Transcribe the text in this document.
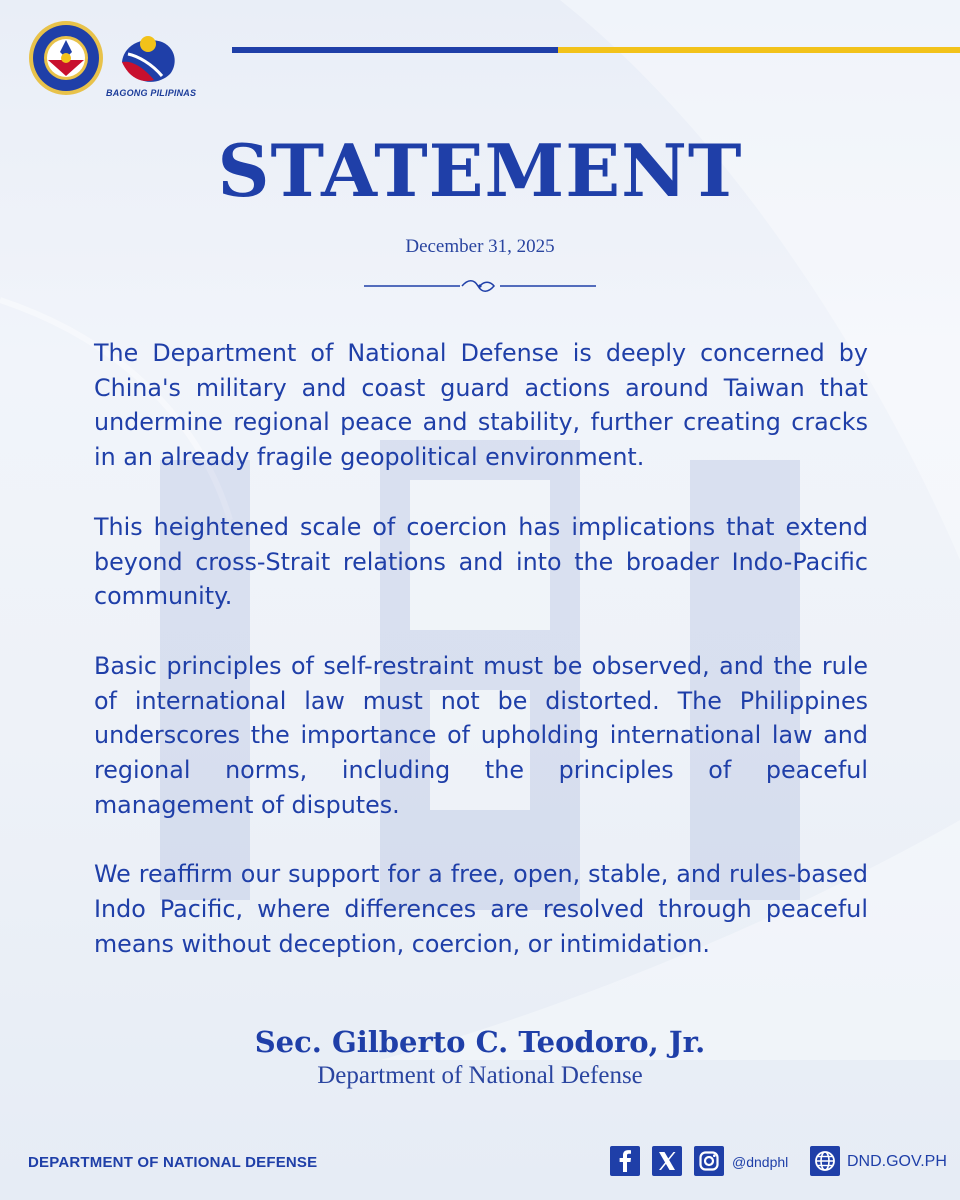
BAGONG PILIPINAS
STATEMENT
December 31, 2025

The Department of National Defense is deeply concerned by China's military and coast guard actions around Taiwan that undermine regional peace and stability, further creating cracks in an already fragile geopolitical environment.

This heightened scale of coercion has implications that extend beyond cross-Strait relations and into the broader Indo-Pacific community.

Basic principles of self-restraint must be observed, and the rule of international law must not be distorted. The Philippines underscores the importance of upholding international law and regional norms, including the principles of peaceful management of disputes.

We reaffirm our support for a free, open, stable, and rules-based Indo Pacific, where differences are resolved through peaceful means without deception, coercion, or intimidation.

Sec. Gilberto C. Teodoro, Jr.
Department of National Defense
DEPARTMENT OF NATIONAL DEFENSE	@dndphl	DND.GOV.PH
